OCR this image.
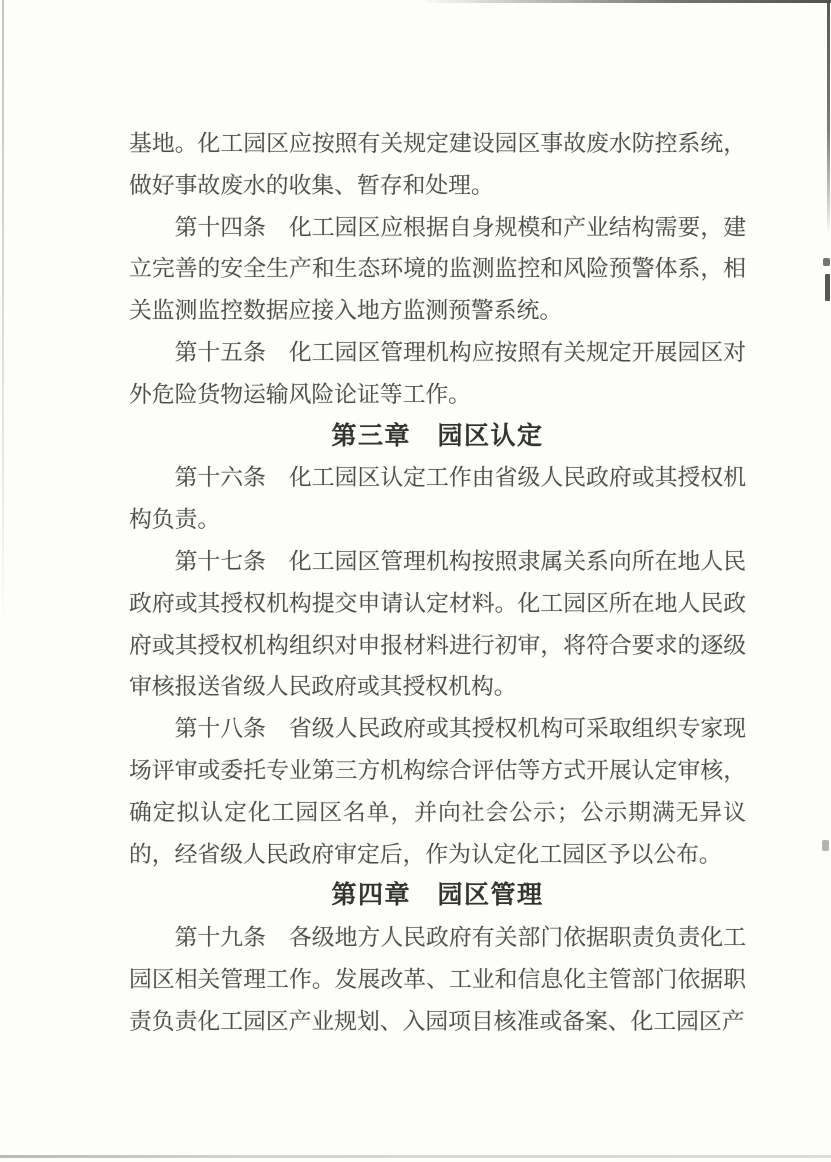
基地。化工园区应按照有关规定建设园区事故废水防控系统，做好事故废水的收集、暂存和处理。

第十四条　化工园区应根据自身规模和产业结构需要，建立完善的安全生产和生态环境的监测监控和风险预警体系，相关监测监控数据应接入地方监测预警系统。

第十五条　化工园区管理机构应按照有关规定开展园区对外危险货物运输风险论证等工作。

第三章　园区认定

第十六条　化工园区认定工作由省级人民政府或其授权机构负责。

第十七条　化工园区管理机构按照隶属关系向所在地人民政府或其授权机构提交申请认定材料。化工园区所在地人民政府或其授权机构组织对申报材料进行初审，将符合要求的逐级审核报送省级人民政府或其授权机构。

第十八条　省级人民政府或其授权机构可采取组织专家现场评审或委托专业第三方机构综合评估等方式开展认定审核，确定拟认定化工园区名单，并向社会公示；公示期满无异议的，经省级人民政府审定后，作为认定化工园区予以公布。

第四章　园区管理

第十九条　各级地方人民政府有关部门依据职责负责化工园区相关管理工作。发展改革、工业和信息化主管部门依据职责负责化工园区产业规划、入园项目核准或备案、化工园区产
